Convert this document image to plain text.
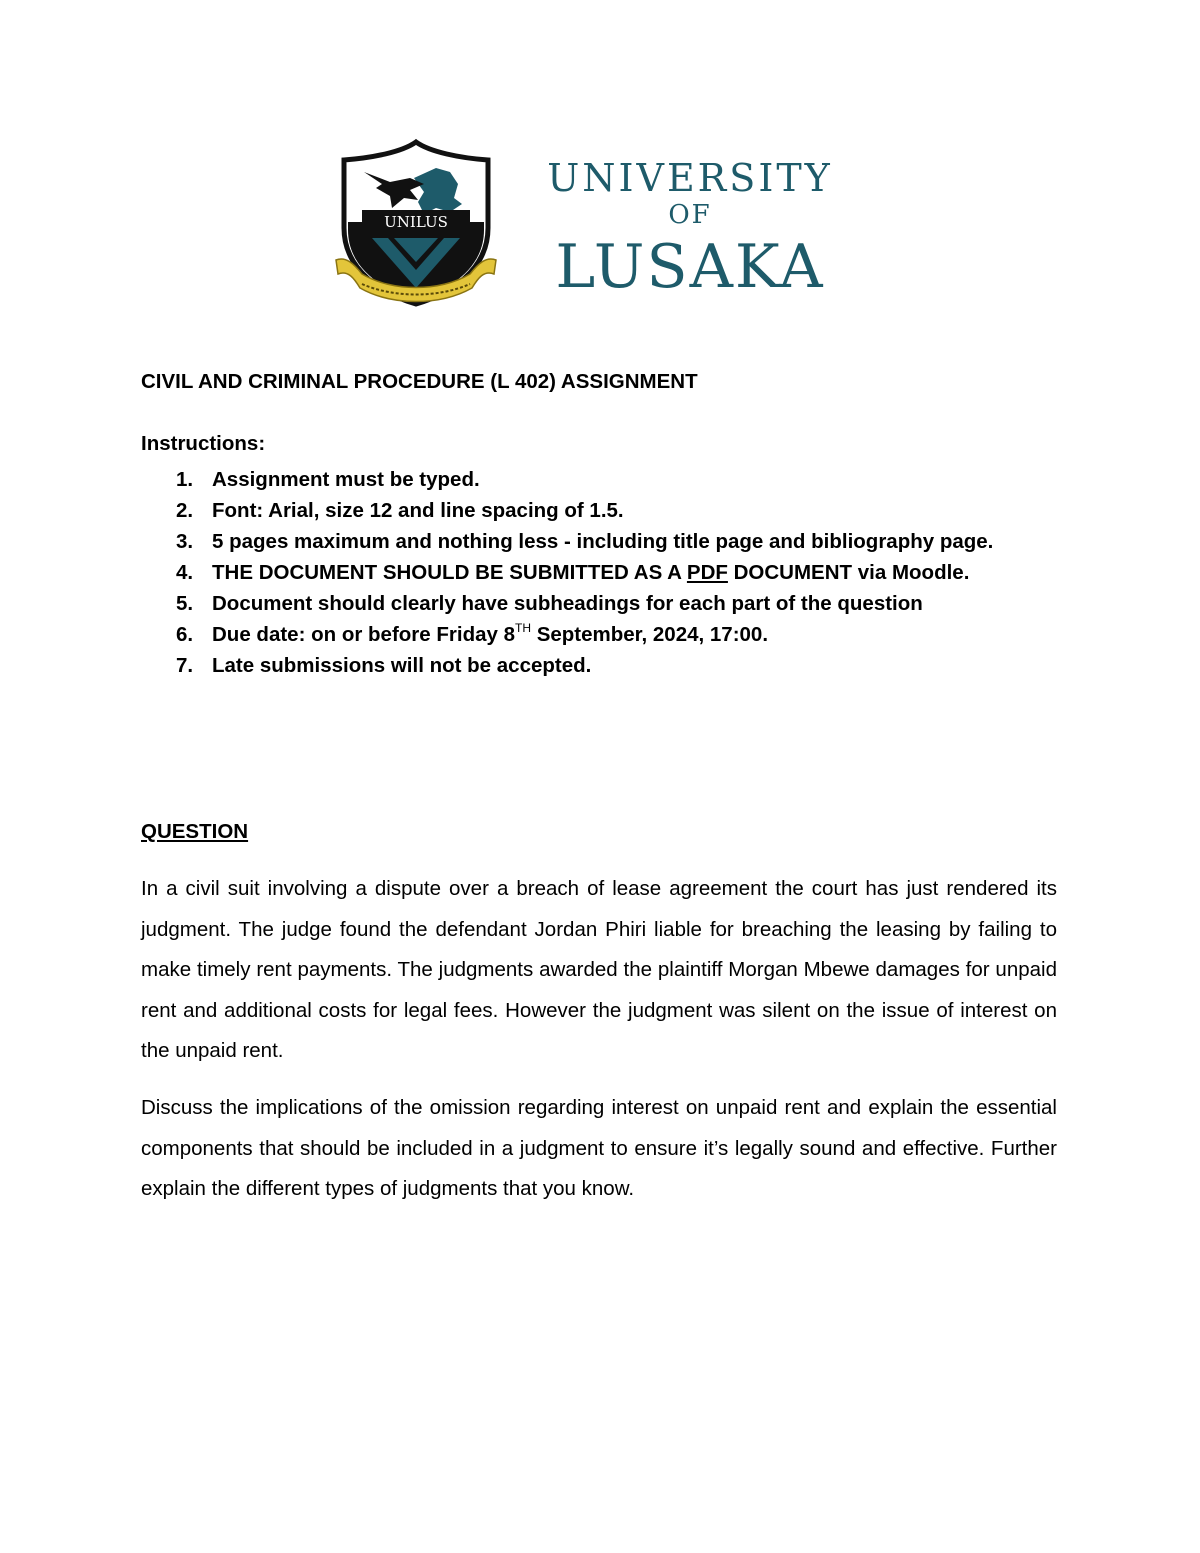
UNILUS
UNIVERSITY
OF
LUSAKA
CIVIL AND CRIMINAL PROCEDURE (L 402) ASSIGNMENT
Instructions:
1. Assignment must be typed.
2. Font: Arial, size 12 and line spacing of 1.5.
3. 5 pages maximum and nothing less - including title page and bibliography page.
4. THE DOCUMENT SHOULD BE SUBMITTED AS A PDF DOCUMENT via Moodle.
5. Document should clearly have subheadings for each part of the question
6. Due date: on or before Friday 8TH September, 2024, 17:00.
7. Late submissions will not be accepted.
QUESTION

In a civil suit involving a dispute over a breach of lease agreement the court has just rendered its judgment. The judge found the defendant Jordan Phiri liable for breaching the leasing by failing to make timely rent payments. The judgments awarded the plaintiff Morgan Mbewe damages for unpaid rent and additional costs for legal fees. However the judgment was silent on the issue of interest on the unpaid rent.

Discuss the implications of the omission regarding interest on unpaid rent and explain the essential components that should be included in a judgment to ensure it’s legally sound and effective. Further explain the different types of judgments that you know.
